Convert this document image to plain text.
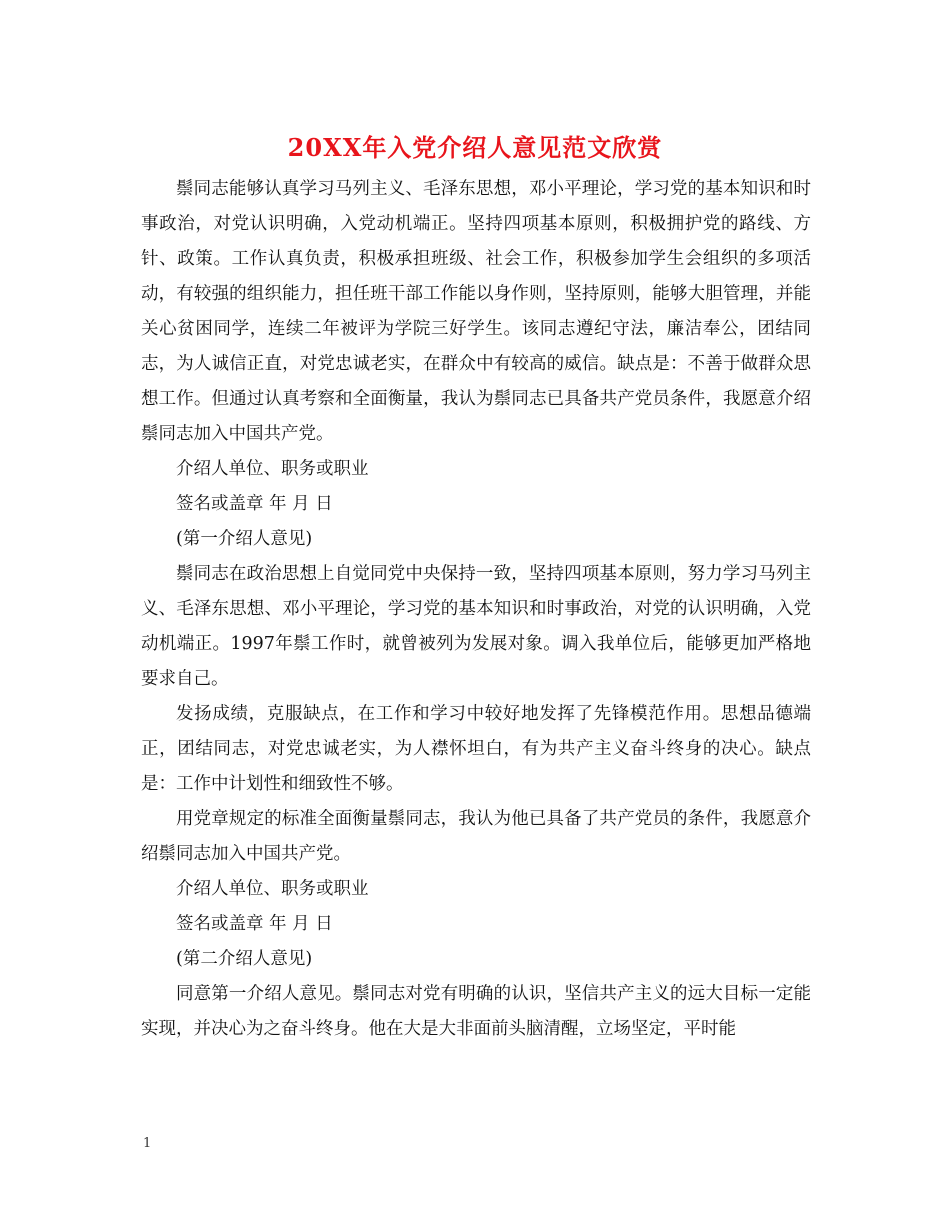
20XX年入党介绍人意见范文欣赏

鬃同志能够认真学习马列主义、毛泽东思想，邓小平理论，学习党的基本知识和时事政治，对党认识明确，入党动机端正。坚持四项基本原则，积极拥护党的路线、方针、政策。工作认真负责，积极承担班级、社会工作，积极参加学生会组织的多项活动，有较强的组织能力，担任班干部工作能以身作则，坚持原则，能够大胆管理，并能关心贫困同学，连续二年被评为学院三好学生。该同志遵纪守法，廉洁奉公，团结同志，为人诚信正直，对党忠诚老实，在群众中有较高的威信。缺点是：不善于做群众思想工作。但通过认真考察和全面衡量，我认为鬃同志已具备共产党员条件，我愿意介绍鬃同志加入中国共产党。

介绍人单位、职务或职业

签名或盖章 年 月 日

(第一介绍人意见)

鬃同志在政治思想上自觉同党中央保持一致，坚持四项基本原则，努力学习马列主义、毛泽东思想、邓小平理论，学习党的基本知识和时事政治，对党的认识明确，入党动机端正。1997年鬃工作时，就曾被列为发展对象。调入我单位后，能够更加严格地要求自己。

发扬成绩，克服缺点，在工作和学习中较好地发挥了先锋模范作用。思想品德端正，团结同志，对党忠诚老实，为人襟怀坦白，有为共产主义奋斗终身的决心。缺点是：工作中计划性和细致性不够。

用党章规定的标准全面衡量鬃同志，我认为他已具备了共产党员的条件，我愿意介绍鬃同志加入中国共产党。

介绍人单位、职务或职业

签名或盖章 年 月 日

(第二介绍人意见)

同意第一介绍人意见。鬃同志对党有明确的认识，坚信共产主义的远大目标一定能实现，并决心为之奋斗终身。他在大是大非面前头脑清醒，立场坚定，平时能

1
